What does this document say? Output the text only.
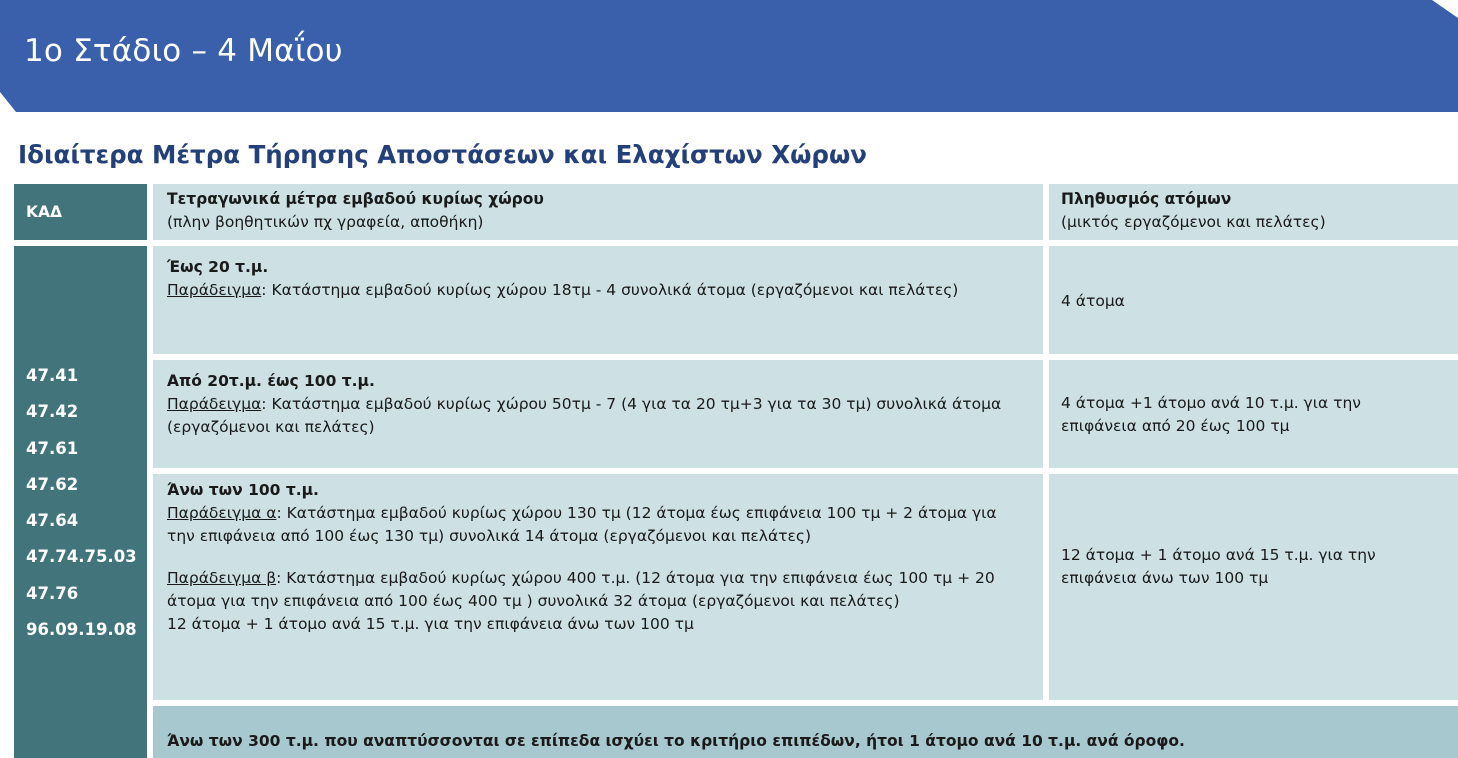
1ο Στάδιο – 4 Μαΐου
Ιδιαίτερα Μέτρα Τήρησης Αποστάσεων και Ελαχίστων Χώρων
ΚΑΔ
Τετραγωνικά μέτρα εμβαδού κυρίως χώρου
(πλην βοηθητικών πχ γραφεία, αποθήκη)
Πληθυσμός ατόμων
(μικτός εργαζόμενοι και πελάτες)
47.41
47.42
47.61
47.62
47.64
47.74.75.03
47.76
96.09.19.08
Έως 20 τ.μ.
Παράδειγμα: Κατάστημα εμβαδού κυρίως χώρου 18τμ - 4 συνολικά άτομα (εργαζόμενοι και πελάτες)
4 άτομα
Από 20τ.μ. έως 100 τ.μ.
Παράδειγμα: Κατάστημα εμβαδού κυρίως χώρου 50τμ - 7 (4 για τα 20 τμ+3 για τα 30 τμ) συνολικά άτομα (εργαζόμενοι και πελάτες)
4 άτομα +1 άτομο ανά 10 τ.μ. για την επιφάνεια από 20 έως 100 τμ
Άνω των 100 τ.μ.
Παράδειγμα α: Κατάστημα εμβαδού κυρίως χώρου 130 τμ (12 άτομα έως επιφάνεια 100 τμ + 2 άτομα για την επιφάνεια από 100 έως 130 τμ) συνολικά 14 άτομα (εργαζόμενοι και πελάτες)
Παράδειγμα β: Κατάστημα εμβαδού κυρίως χώρου 400 τ.μ. (12 άτομα για την επιφάνεια έως 100 τμ + 20 άτομα για την επιφάνεια από 100 έως 400 τμ ) συνολικά 32 άτομα (εργαζόμενοι και πελάτες)
12 άτομα + 1 άτομο ανά 15 τ.μ. για την επιφάνεια άνω των 100 τμ
12 άτομα + 1 άτομο ανά 15 τ.μ. για την επιφάνεια άνω των 100 τμ
Άνω των 300 τ.μ. που αναπτύσσονται σε επίπεδα ισχύει το κριτήριο επιπέδων, ήτοι 1 άτομο ανά 10 τ.μ. ανά όροφο.
